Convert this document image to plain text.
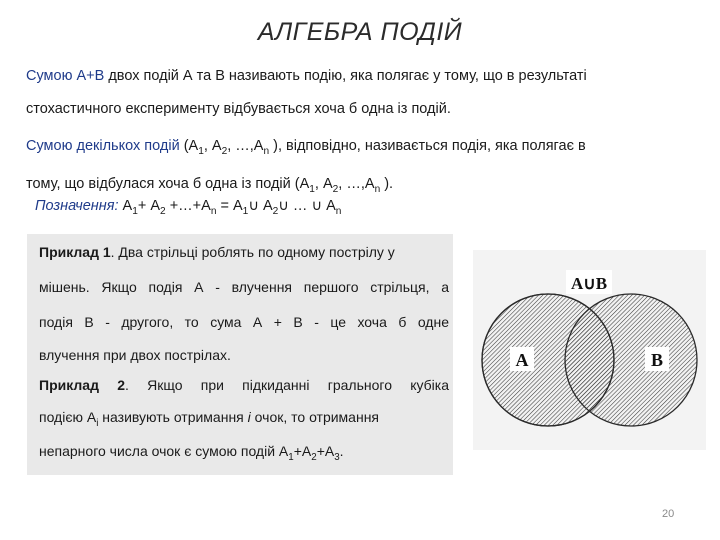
АЛГЕБРА ПОДІЙ
Сумою А+В двох подій А та В називають подію, яка полягає у тому, що в результаті
стохастичного експерименту відбувається хоча б одна із подій.
Сумою декількох подій ($А_1$, $А_2$, $\dots,А_n$ ), відповідно, називається подія, яка полягає в
тому, що відбулася хоча б одна із подій ($А_1$, $А_2$, $\dots,А_n$ ).
Позначення: $А_1+ А_2$ $+\dots+А_n$ = $А_1\cup$ $А_2\cup$ … ∪ $А_n$
Приклад 1. Два стрільці роблять по одному пострілу у
мішень. Якщо подія А - влучення першого стрільця, а
подія В - другого, то сума А + В - це хоча б одне
влучення при двох пострілах.
Приклад 2. Якщо при підкиданні грального кубіка
подією $А_i$ називують отримання i очок, то отримання
непарного числа очок є сумою подій $А_1+А_2+А_3$.
A∪B
A	B
20
